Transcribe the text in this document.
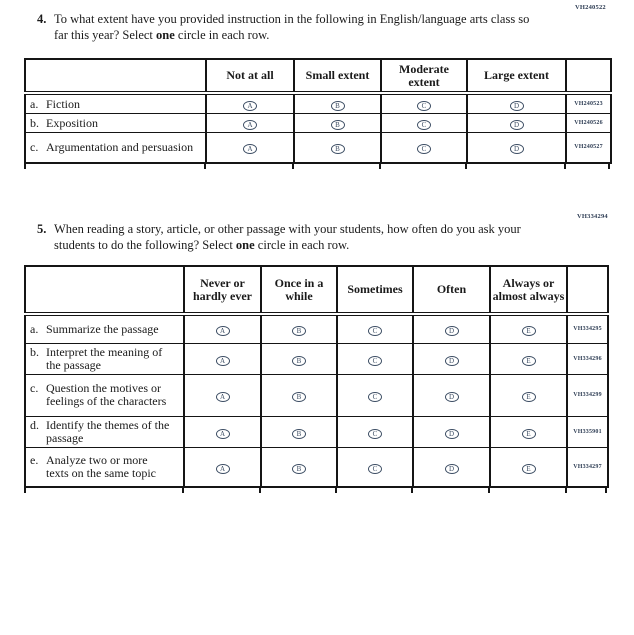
VH240522
4. To what extent have you provided instruction in the following in English/language arts class so far this year? Select one circle in each row.
	Not at all	Small extent	Moderate extent	Large extent	

a. Fiction	A	B	C	D	VH240523

b. Exposition	A	B	C	D	VH240526

c. Argumentation and persuasion	A	B	C	D	VH240527
VH334294
5. When reading a story, article, or other passage with your students, how often do you ask your students to do the following? Select one circle in each row.
	Never or hardly ever	Once in a while	Sometimes	Often	Always or almost always	

a. Summarize the passage	A	B	C	D	E	VH334295

b. Interpret the meaning of the passage	A	B	C	D	E	VH334296

c. Question the motives or feelings of the characters	A	B	C	D	E	VH334299

d. Identify the themes of the passage	A	B	C	D	E	VH335901

e. Analyze two or more texts on the same topic	A	B	C	D	E	VH334297
